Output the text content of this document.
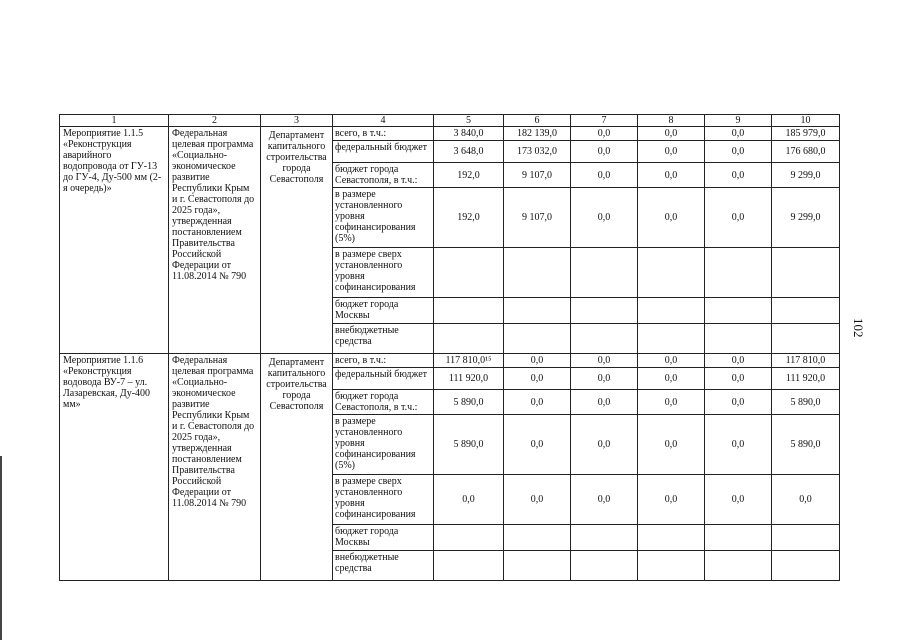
102
1	2	3	4	5	6	7	8	9	10
Мероприятие 1.1.5 «Реконструкция аварийного водопровода от ГУ-13 до ГУ-4, Ду-500 мм (2-я очередь)»	Федеральная целевая программа «Социально-экономическое развитие Республики Крым и г. Севастополя до 2025 года», утвержденная постановлением Правительства Российской Федерации от 11.08.2014 № 790	Департамент капитального строительства города Севастополя	всего, в т.ч.:	3 840,0	182 139,0	0,0	0,0	0,0	185 979,0
			федеральный бюджет	3 648,0	173 032,0	0,0	0,0	0,0	176 680,0
			бюджет города Севастополя, в т.ч.:	192,0	9 107,0	0,0	0,0	0,0	9 299,0
			в размере установленного уровня софинансирования (5%)	192,0	9 107,0	0,0	0,0	0,0	9 299,0
			в размере сверх установленного уровня софинансирования						
			бюджет города Москвы						
			внебюджетные средства						
Мероприятие 1.1.6 «Реконструкция водовода ВУ-7 – ул. Лазаревская, Ду-400 мм»	Федеральная целевая программа «Социально-экономическое развитие Республики Крым и г. Севастополя до 2025 года», утвержденная постановлением Правительства Российской Федерации от 11.08.2014 № 790	Департамент капитального строительства города Севастополя	всего, в т.ч.:	117 810,0¹⁵	0,0	0,0	0,0	0,0	117 810,0
			федеральный бюджет	111 920,0	0,0	0,0	0,0	0,0	111 920,0
			бюджет города Севастополя, в т.ч.:	5 890,0	0,0	0,0	0,0	0,0	5 890,0
			в размере установленного уровня софинансирования (5%)	5 890,0	0,0	0,0	0,0	0,0	5 890,0
			в размере сверх установленного уровня софинансирования	0,0	0,0	0,0	0,0	0,0	0,0
			бюджет города Москвы						
			внебюджетные средства						
